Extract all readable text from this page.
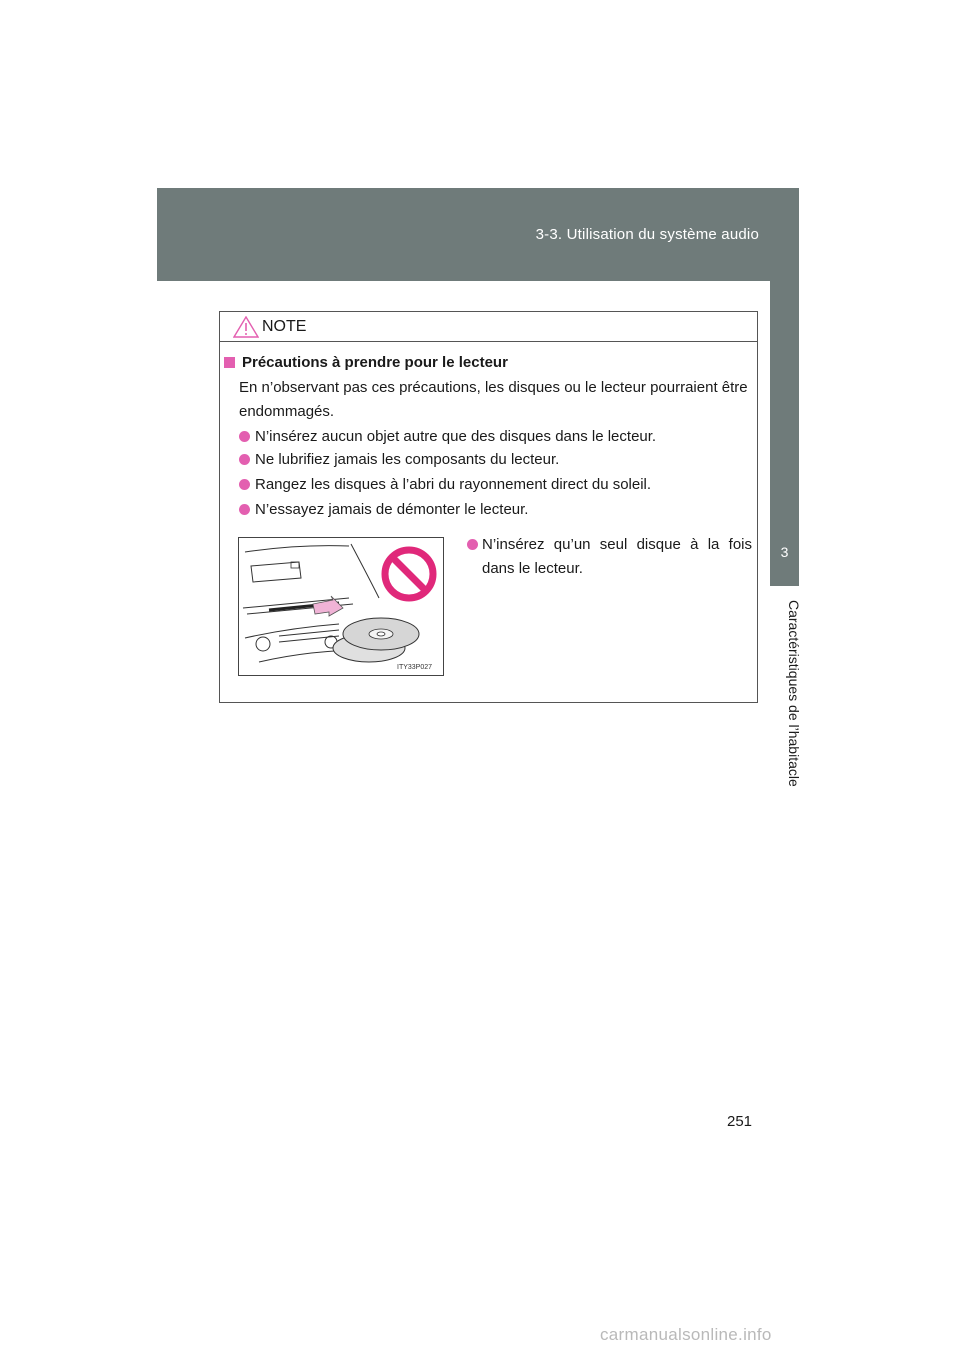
3-3. Utilisation du système audio
3
Caractéristiques de l’habitacle
NOTE
Précautions à prendre pour le lecteur
En n’observant pas ces précautions, les disques ou le lecteur pourraient être endommagés.
N’insérez aucun objet autre que des disques dans le lecteur.
Ne lubrifiez jamais les composants du lecteur.
Rangez les disques à l’abri du rayonnement direct du soleil.
N’essayez jamais de démonter le lecteur.
N’insérez qu’un seul disque à la fois dans le lecteur.
ITY33P027
251
carmanualsonline.info
